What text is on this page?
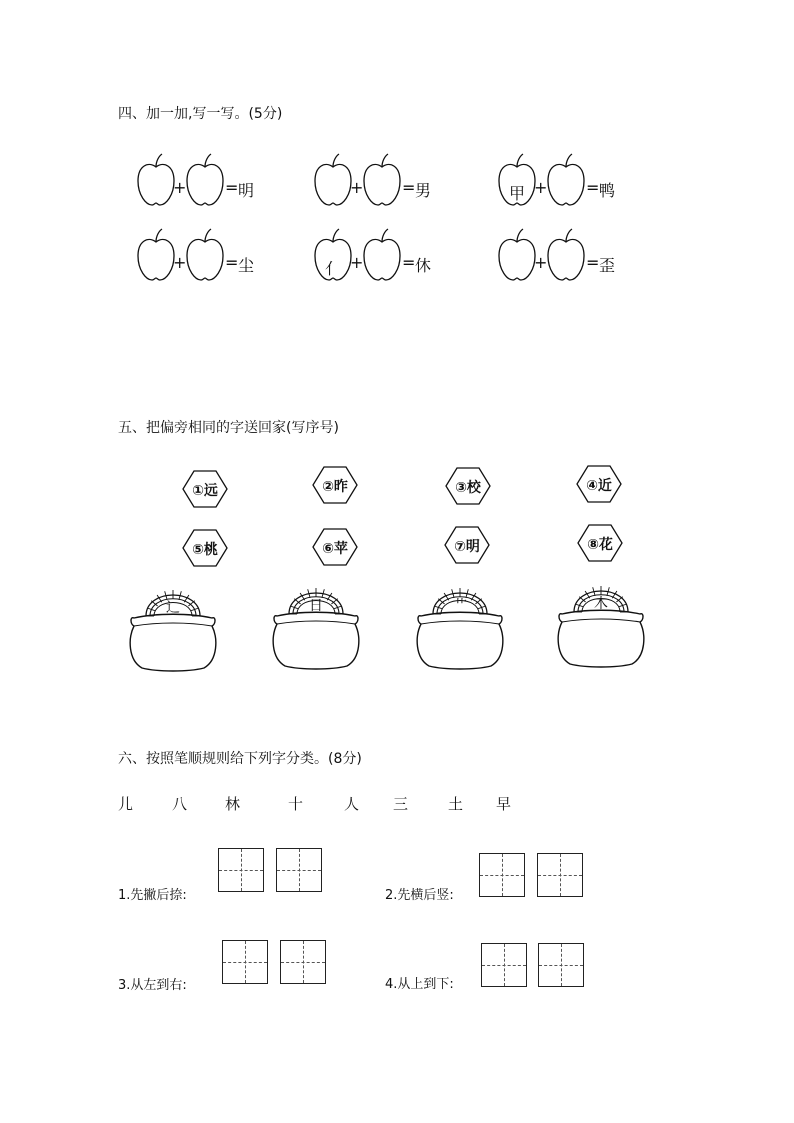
四、加一加,写一写。(5分)
+ = 明	+ = 男	甲 + = 鸭
+ = 尘	亻 + = 休	+ = 歪
五、把偏旁相同的字送回家(写序号)
①远	②昨	③校	④近
⑤桃	⑥苹	⑦明	⑧花
辶	日	艹	木
六、按照笔顺规则给下列字分类。(8分)
儿	八	林	十	人 三	土 早
1.先撇后捺:	2.先横后竖:
3.从左到右:	4.从上到下:
